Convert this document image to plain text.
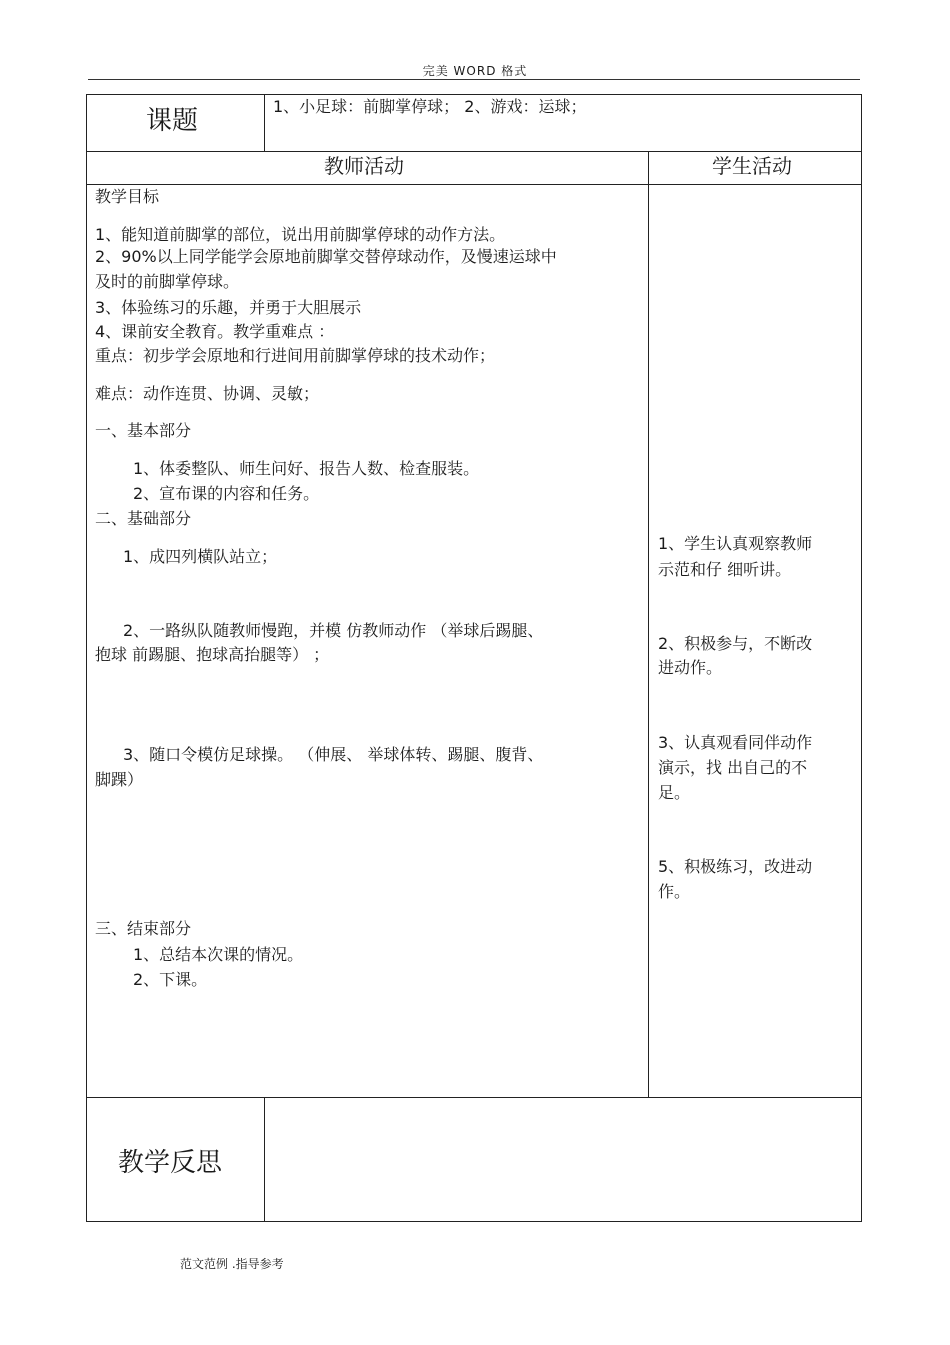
完美 WORD 格式
课题	1、小足球：前脚掌停球； 2、游戏：运球；
教师活动	学生活动
教学目标
1、能知道前脚掌的部位，说出用前脚掌停球的动作方法。
2、90%以上同学能学会原地前脚掌交替停球动作，及慢速运球中
及时的前脚掌停球。
3、体验练习的乐趣，并勇于大胆展示
4、课前安全教育。教学重难点 ：
重点：初步学会原地和行进间用前脚掌停球的技术动作；
难点：动作连贯、协调、灵敏；
一、基本部分
1、体委整队、师生问好、报告人数、检查服装。
2、宣布课的内容和任务。
二、基础部分
1、成四列横队站立；
2、一路纵队随教师慢跑，并模 仿教师动作 （举球后踢腿、
抱球 前踢腿、抱球高抬腿等） ；
3、随口令模仿足球操。 （伸展、 举球体转、踢腿、腹背、
脚踝）
三、结束部分
1、总结本次课的情况。
2、下课。
1、学生认真观察教师
示范和仔 细听讲。
2、积极参与，不断改
进动作。
3、认真观看同伴动作
演示，找 出自己的不
足。
5、积极练习，改进动
作。
教学反思
范文范例 .指导参考
